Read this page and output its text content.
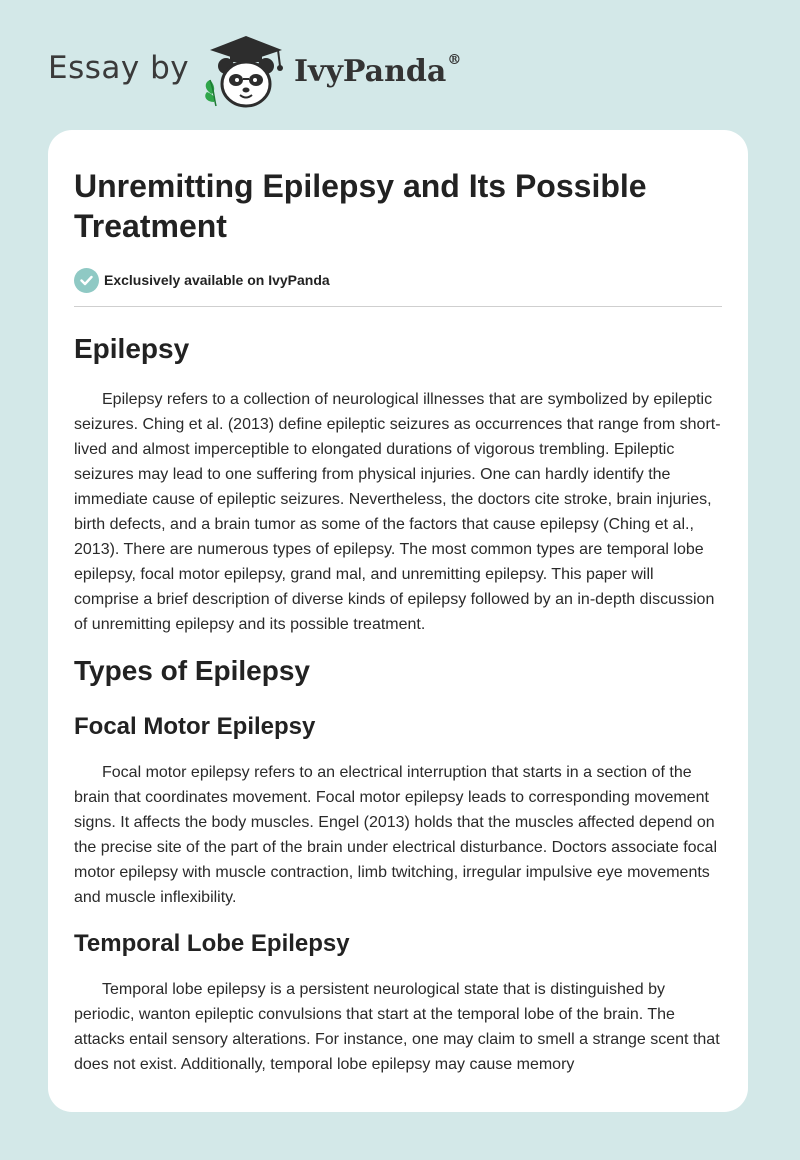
Essay by	IvyPanda®
Unremitting Epilepsy and Its Possible Treatment
Exclusively available on IvyPanda
Epilepsy

Epilepsy refers to a collection of neurological illnesses that are symbolized by epileptic seizures. Ching et al. (2013) define epileptic seizures as occurrences that range from short-lived and almost imperceptible to elongated durations of vigorous trembling. Epileptic seizures may lead to one suffering from physical injuries. One can hardly identify the immediate cause of epileptic seizures. Nevertheless, the doctors cite stroke, brain injuries, birth defects, and a brain tumor as some of the factors that cause epilepsy (Ching et al., 2013). There are numerous types of epilepsy. The most common types are temporal lobe epilepsy, focal motor epilepsy, grand mal, and unremitting epilepsy. This paper will comprise a brief description of diverse kinds of epilepsy followed by an in-depth discussion of unremitting epilepsy and its possible treatment.

Types of Epilepsy
Focal Motor Epilepsy

Focal motor epilepsy refers to an electrical interruption that starts in a section of the brain that coordinates movement. Focal motor epilepsy leads to corresponding movement signs. It affects the body muscles. Engel (2013) holds that the muscles affected depend on the precise site of the part of the brain under electrical disturbance. Doctors associate focal motor epilepsy with muscle contraction, limb twitching, irregular impulsive eye movements and muscle inflexibility.

Temporal Lobe Epilepsy

Temporal lobe epilepsy is a persistent neurological state that is distinguished by periodic, wanton epileptic convulsions that start at the temporal lobe of the brain. The attacks entail sensory alterations. For instance, one may claim to smell a strange scent that does not exist. Additionally, temporal lobe epilepsy may cause memory
